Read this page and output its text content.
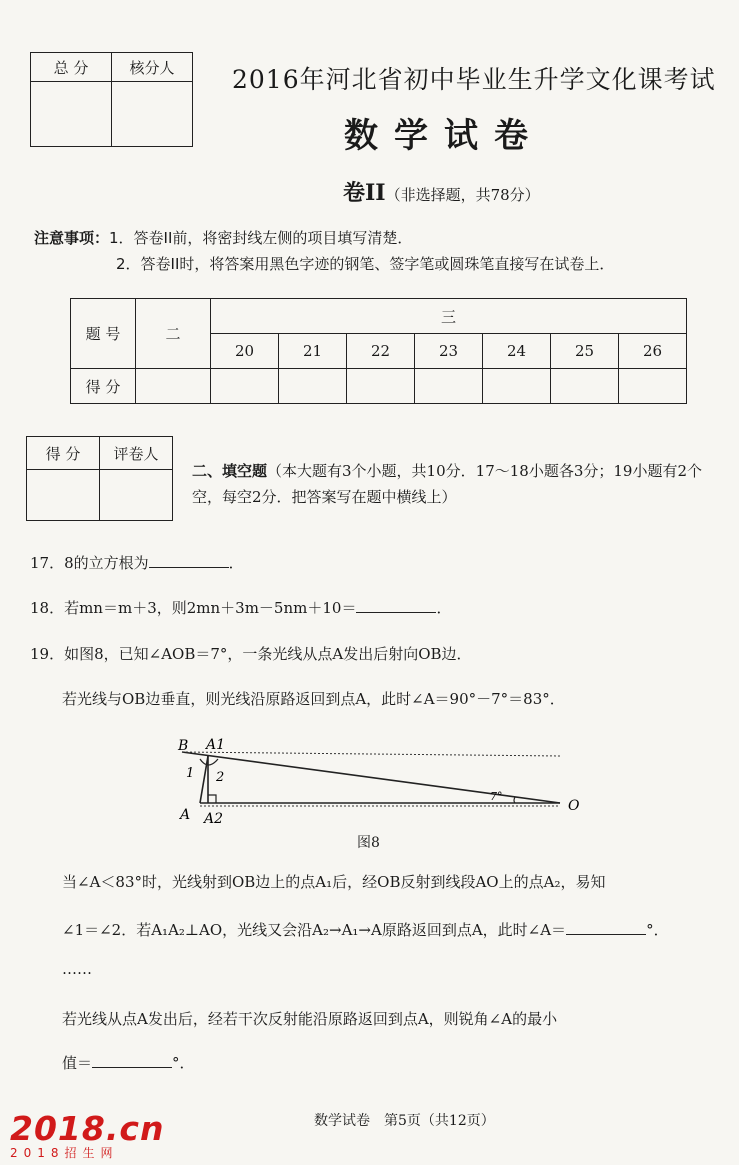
总 分	核分人
	2016年河北省初中毕业生升学文化课考试
数学试卷
卷II（非选择题，共78分）
注意事项：1．答卷II前，将密封线左侧的项目填写清楚．
2．答卷II时，将答案用黑色字迹的钢笔、签字笔或圆珠笔直接写在试卷上．
题 号	二	三						
		20	21	22	23	24	25	26
得 分								
得 分	评卷人

二、填空题（本大题有3个小题，共10分．17～18小题各3分；19小题有2个空，每空2分．把答案写在题中横线上）
17．8的立方根为	．
18．若mn＝m＋3，则2mn＋3m－5nm＋10＝	．
19．如图8，已知∠AOB＝7°，一条光线从点A发出后射向OB边．
若光线与OB边垂直，则光线沿原路返回到点A，此时∠A＝90°－7°＝83°．
B A1
1 2
A A2
O
7°
图8
当∠A＜83°时，光线射到OB边上的点A₁后，经OB反射到线段AO上的点A₂，易知
∠1＝∠2．若A₁A₂⊥AO，光线又会沿A₂→A₁→A原路返回到点A，此时∠A＝	°．
……
若光线从点A发出后，经若干次反射能沿原路返回到点A，则锐角∠A的最小
值＝	°．
数学试卷　第5页（共12页）
2018.cn
2018招生网
